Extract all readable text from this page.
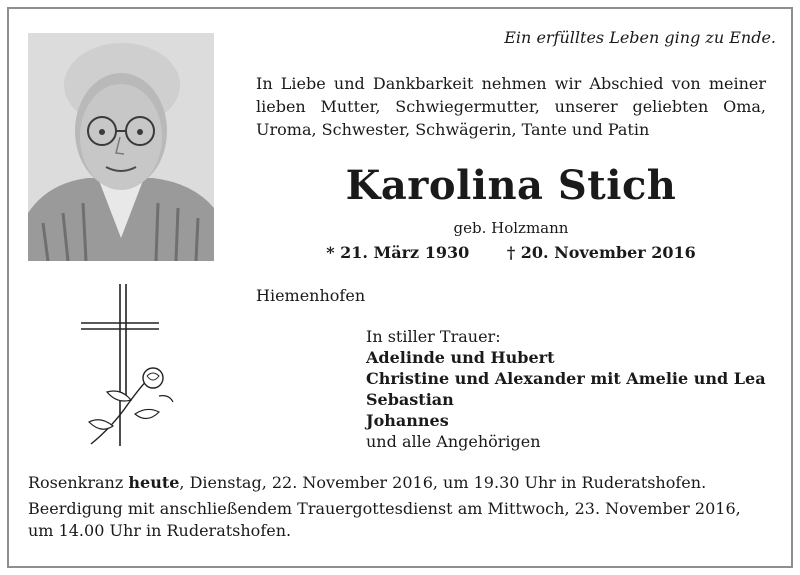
Ein erfülltes Leben ging zu Ende.
In Liebe und Dankbarkeit nehmen wir Abschied von meiner lieben Mutter, Schwiegermutter, unserer geliebten Oma, Uroma, Schwester, Schwägerin, Tante und Patin
Karolina Stich
geb. Holzmann
* 21. März 1930 † 20. November 2016
Hiemenhofen
In stiller Trauer:
Adelinde und Hubert
Christine und Alexander mit Amelie und Lea
Sebastian
Johannes
und alle Angehörigen

Rosenkranz heute, Dienstag, 22. November 2016, um 19.30 Uhr in Ruderatshofen.

Beerdigung mit anschließendem Trauergottesdienst am Mittwoch, 23. November 2016, um 14.00 Uhr in Ruderatshofen.
